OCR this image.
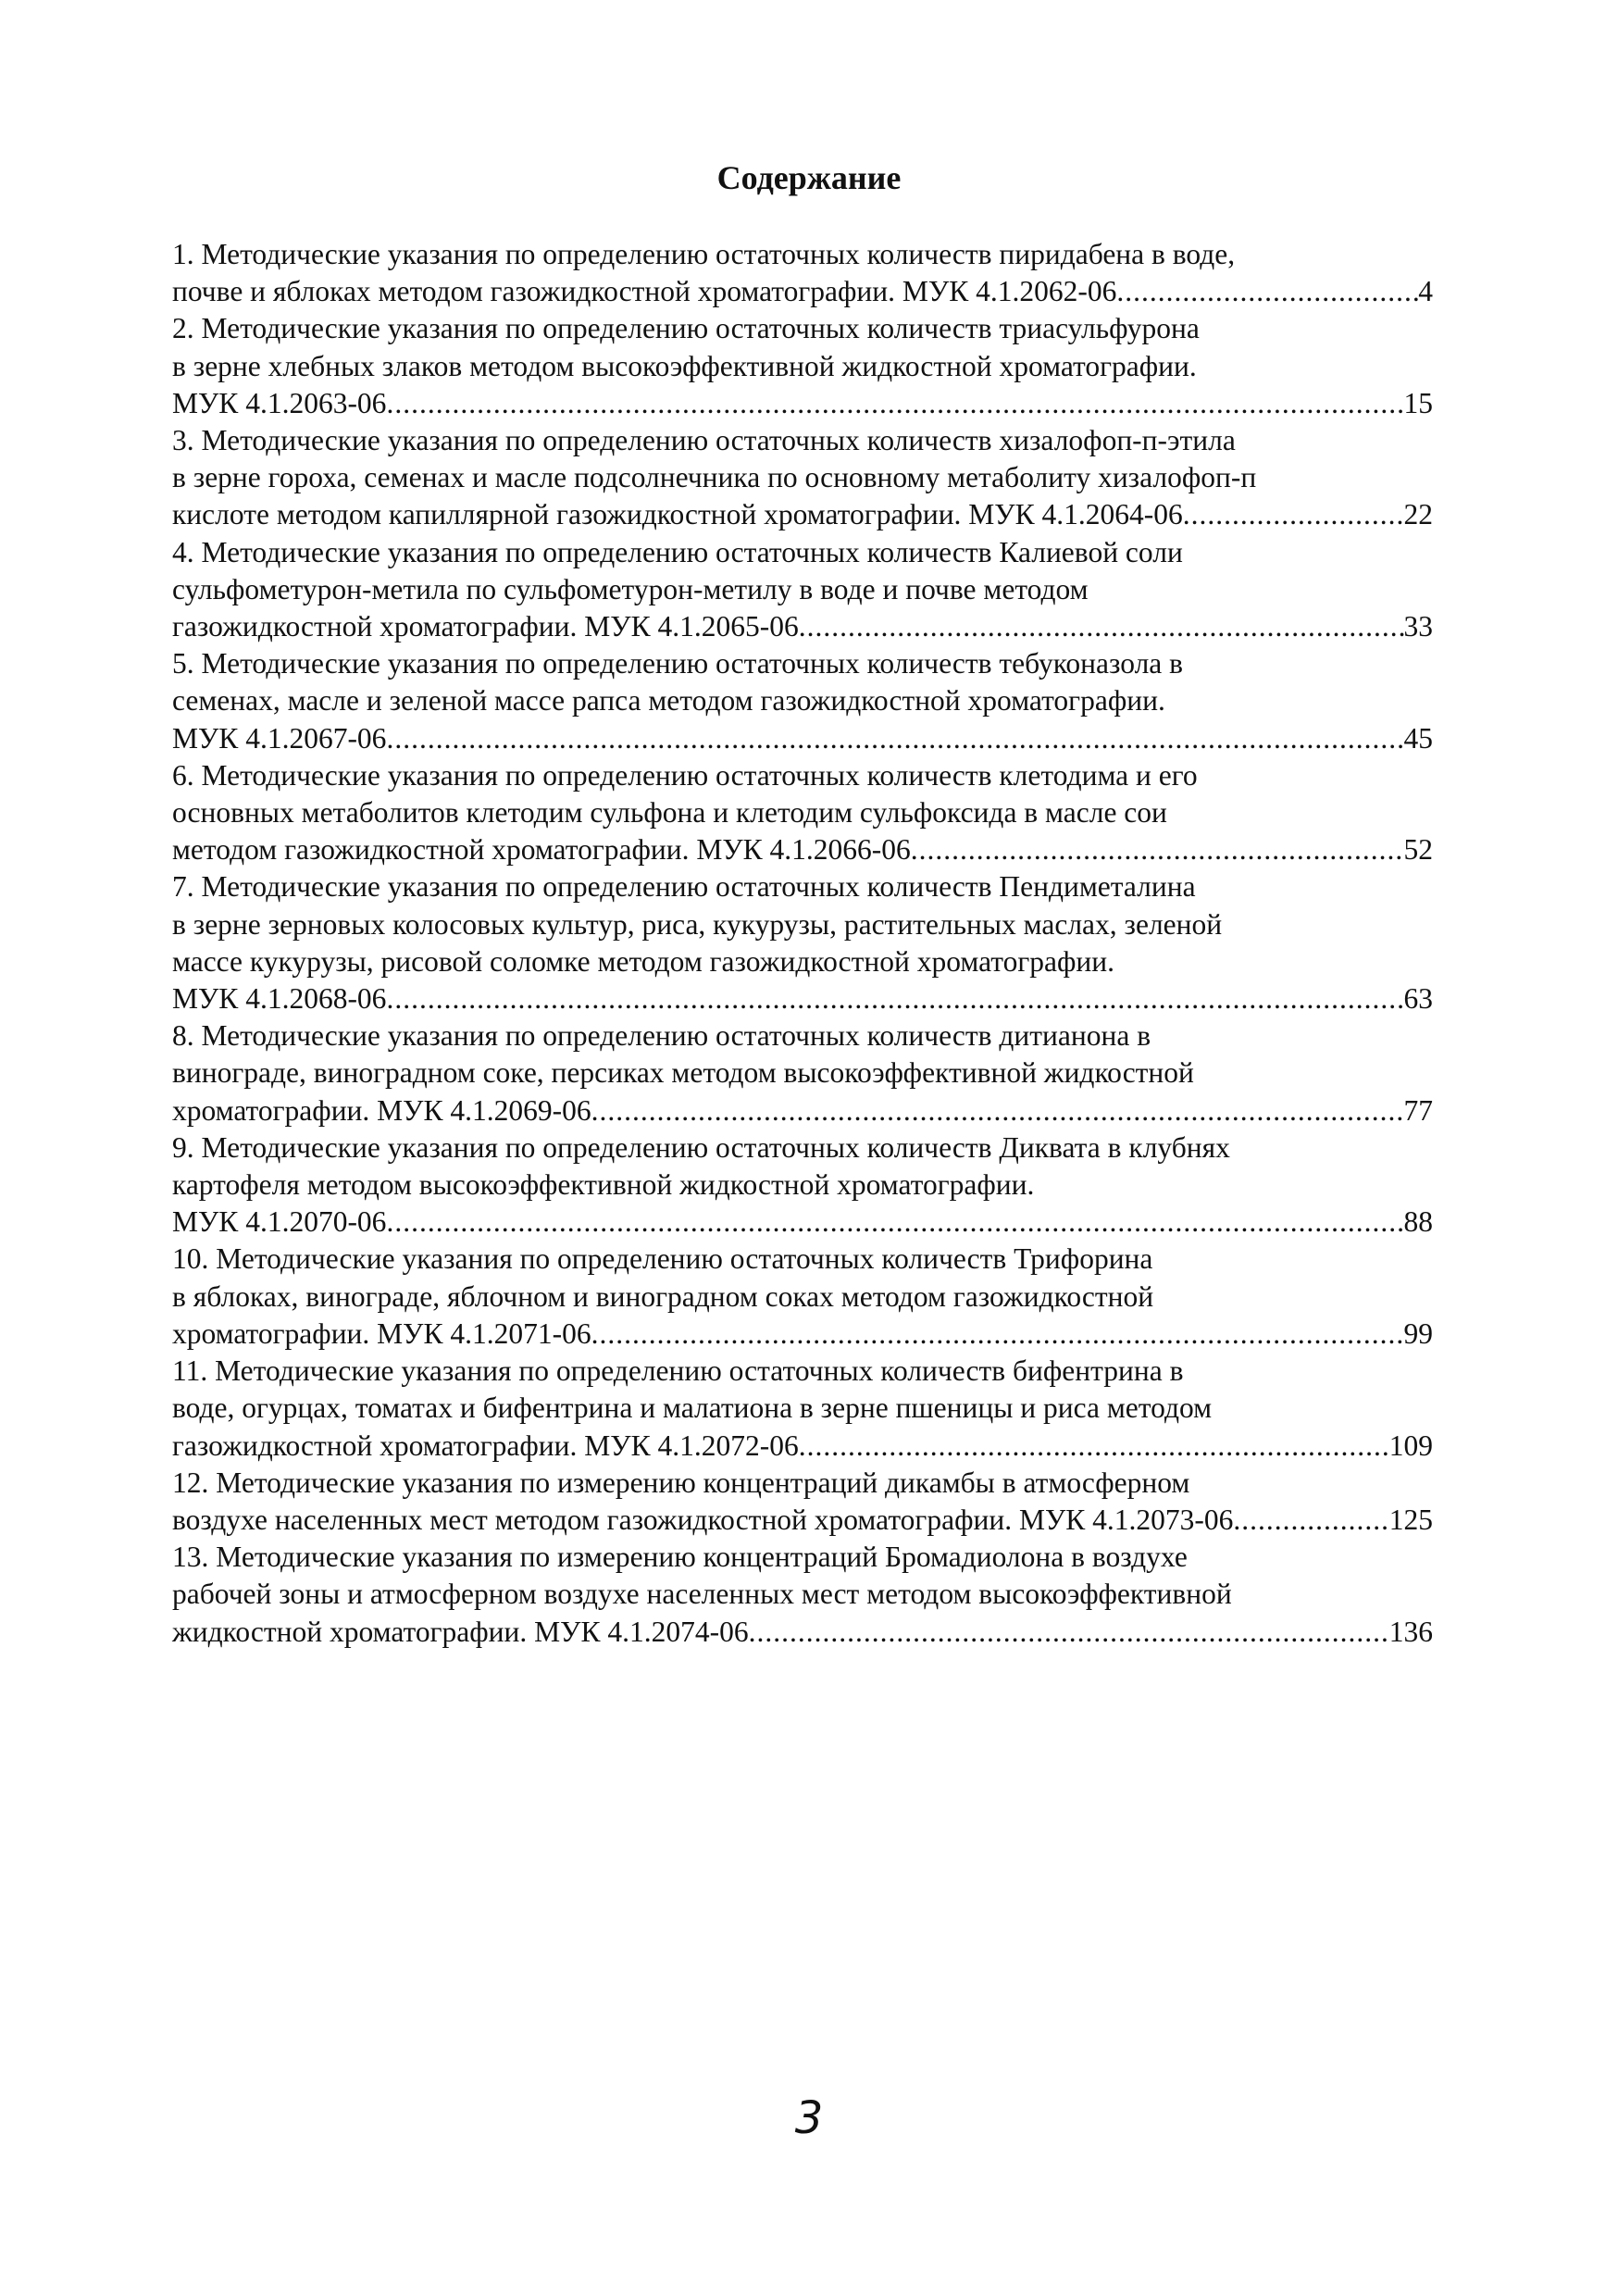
Содержание
1. Методические указания по определению остаточных количеств пиридабена в воде,
почве и яблоках методом газожидкостной хроматографии. МУК 4.1.2062-06 .....	4
2. Методические указания по определению остаточных количеств триасульфурона
в зерне хлебных злаков методом высокоэффективной жидкостной хроматографии.
МУК 4.1.2063-06 .....	15
3. Методические указания по определению остаточных количеств хизалофоп-п-этила
в зерне гороха, семенах и масле подсолнечника по основному метаболиту хизалофоп-п
кислоте методом капиллярной газожидкостной хроматографии. МУК 4.1.2064-06 .....	22
4. Методические указания по определению остаточных количеств Калиевой соли
сульфометурон-метила по сульфометурон-метилу в воде и почве методом
газожидкостной хроматографии. МУК 4.1.2065-06 .....	33
5. Методические указания по определению остаточных количеств тебуконазола в
семенах, масле и зеленой массе рапса методом газожидкостной хроматографии.
МУК 4.1.2067-06 .....	45
6. Методические указания по определению остаточных количеств клетодима и его
основных метаболитов клетодим сульфона и клетодим сульфоксида в масле сои
методом газожидкостной хроматографии. МУК 4.1.2066-06 .....	52
7. Методические указания по определению остаточных количеств Пендиметалина
в зерне зерновых колосовых культур, риса, кукурузы, растительных маслах, зеленой
массе кукурузы, рисовой соломке методом газожидкостной хроматографии.
МУК 4.1.2068-06 .....	63
8. Методические указания по определению остаточных количеств дитианона в
винограде, виноградном соке, персиках методом высокоэффективной жидкостной
хроматографии. МУК 4.1.2069-06 .....	77
9. Методические указания по определению остаточных количеств Диквата в клубнях
картофеля методом высокоэффективной жидкостной хроматографии.
МУК 4.1.2070-06 .....	88
10. Методические указания по определению остаточных количеств Трифорина
в яблоках, винограде, яблочном и виноградном соках методом газожидкостной
хроматографии. МУК 4.1.2071-06 .....	99
11. Методические указания по определению остаточных количеств бифентрина в
воде, огурцах, томатах и бифентрина и малатиона в зерне пшеницы и риса методом
газожидкостной хроматографии. МУК 4.1.2072-06 .....	109
12. Методические указания по измерению концентраций дикамбы в атмосферном
воздухе населенных мест методом газожидкостной хроматографии. МУК 4.1.2073-06 .....	125
13. Методические указания по измерению концентраций Бромадиолона в воздухе
рабочей зоны и атмосферном воздухе населенных мест методом высокоэффективной
жидкостной хроматографии. МУК 4.1.2074-06 .....	136
3
